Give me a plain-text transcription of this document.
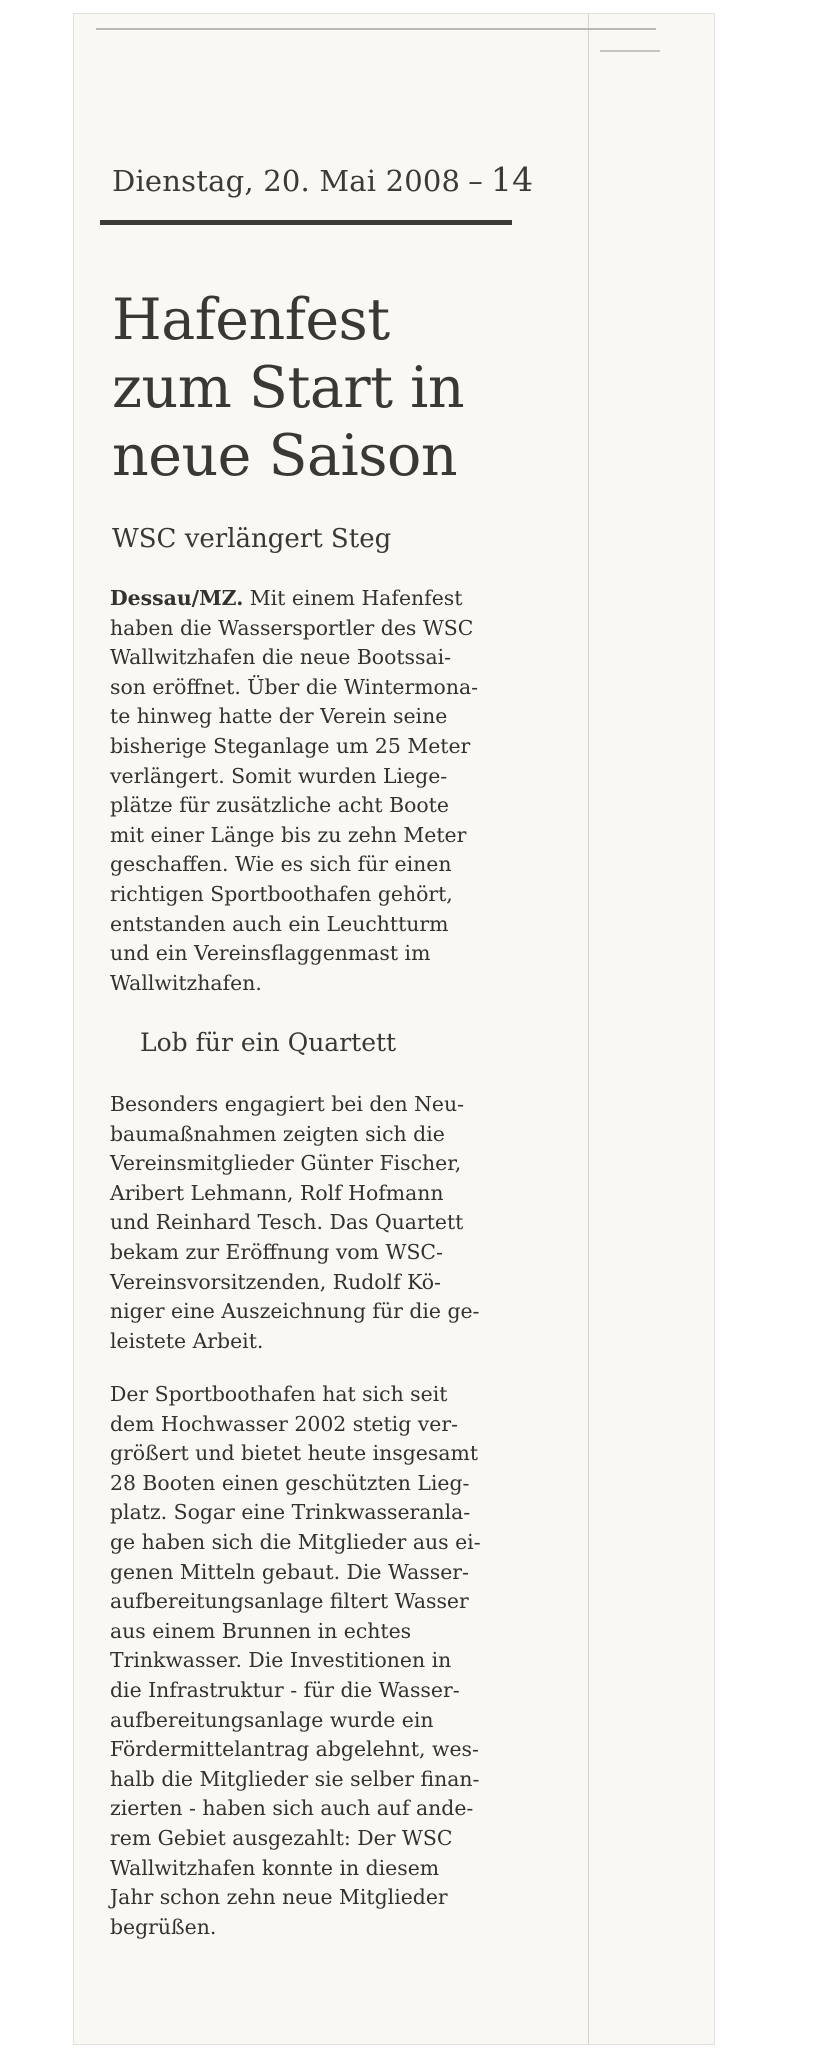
Dienstag, 20. Mai 2008 – 14
Hafenfest
zum Start in
neue Saison
WSC verlängert Steg
Dessau/MZ. Mit einem Hafenfest
haben die Wassersportler des WSC
Wallwitzhafen die neue Bootssai-
son eröffnet. Über die Wintermona-
te hinweg hatte der Verein seine
bisherige Steganlage um 25 Meter
verlängert. Somit wurden Liege-
plätze für zusätzliche acht Boote
mit einer Länge bis zu zehn Meter
geschaffen. Wie es sich für einen
richtigen Sportboothafen gehört,
entstanden auch ein Leuchtturm
und ein Vereinsflaggenmast im
Wallwitzhafen.
Lob für ein Quartett
Besonders engagiert bei den Neu-
baumaßnahmen zeigten sich die
Vereinsmitglieder Günter Fischer,
Aribert Lehmann, Rolf Hofmann
und Reinhard Tesch. Das Quartett
bekam zur Eröffnung vom WSC-
Vereinsvorsitzenden, Rudolf Kö-
niger eine Auszeichnung für die ge-
leistete Arbeit.
Der Sportboothafen hat sich seit
dem Hochwasser 2002 stetig ver-
größert und bietet heute insgesamt
28 Booten einen geschützten Lieg-
platz. Sogar eine Trinkwasseranla-
ge haben sich die Mitglieder aus ei-
genen Mitteln gebaut. Die Wasser-
aufbereitungsanlage filtert Wasser
aus einem Brunnen in echtes
Trinkwasser. Die Investitionen in
die Infrastruktur - für die Wasser-
aufbereitungsanlage wurde ein
Fördermittelantrag abgelehnt, wes-
halb die Mitglieder sie selber finan-
zierten - haben sich auch auf ande-
rem Gebiet ausgezahlt: Der WSC
Wallwitzhafen konnte in diesem
Jahr schon zehn neue Mitglieder
begrüßen.
